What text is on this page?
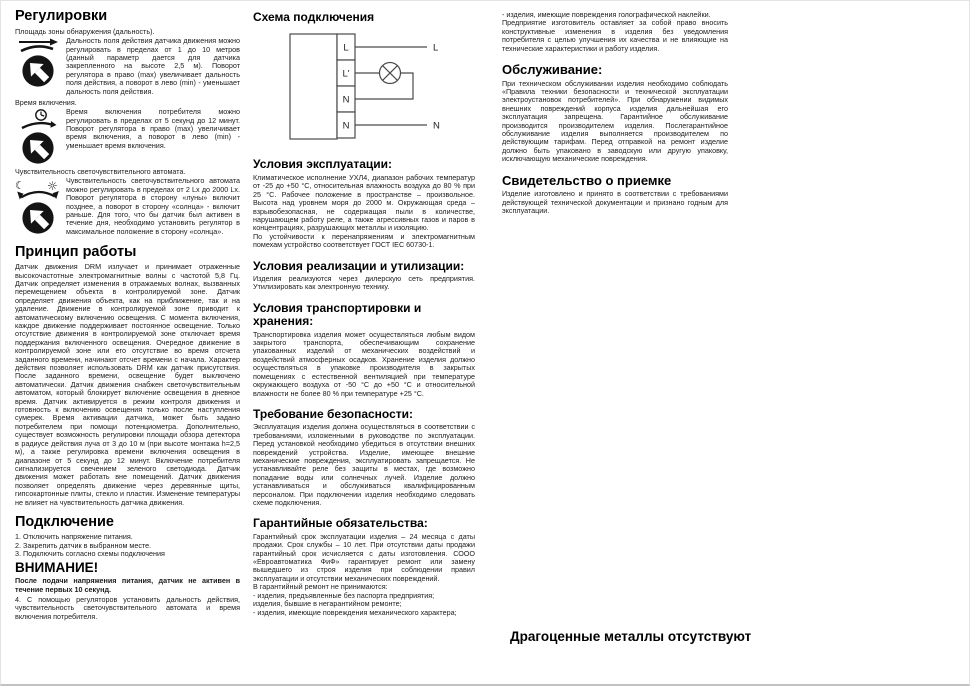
Регулировки

Площадь зоны обнаружения (дальность).

Дальность поля действия датчика движения можно регулировать в пределах от 1 до 10 метров (данный параметр дается для датчика закрепленного на высоте 2,5 м). Поворот регулятора в право (max) увеличивает дальность поля действия, а поворот в лево (min) - уменьшает дальность поля действия.

Время включения.

Время включения потребителя можно регулировать в пределах от 5 секунд до 12 минут. Поворот регулятора в право (max) увеличивает время включения, а поворот в лево (min) - уменьшает время включения.

Чувствительность светочувствительного автомата.

☾ ☼ Чувствительность светочувствительного автомата можно регулировать в пределах от 2 Lx до 2000 Lx. Поворот регулятора в сторону «луны» включит позднее, а поворот в сторону «солнца» - включит раньше. Для того, что бы датчик был активен в течение дня, необходимо установить регулятор в максимальное положение в сторону «солнца».

Принцип работы

Датчик движения DRM излучает и принимает отраженные высокочастотные электромагнитные волны с частотой 5,8 Гц. Датчик определяет изменения в отражаемых волнах, вызванных перемещением объекта в контролируемой зоне. Датчик определяет движения объекта, как на приближение, так и на удаление. Движение в контролируемой зоне приводит к автоматическому включению освещения. С момента включения, каждое движение поддерживает постоянное освещение. Только отсутствие движения в контролируемой зоне отключает время поддержания включенного освещения. Очередное движение в контролируемой зоне или его отсутствие во время отсчета заданного времени, начинают отсчет времени с начала. Характер действия позволяет использовать DRM как датчик присутствия. После заданного времени, освещение будет выключено автоматически. Датчик движения снабжен светочувствительным автоматом, который блокирует включение освещения в дневное время. Датчик активируется в режим контроля движения и готовность к включению освещения только после наступления сумерек. Время активации датчика, может быть задано потребителем при помощи потенциометра. Дополнительно, существует возможность регулировки площади обзора детектора в радиусе действия луча от 3 до 10 м (при высоте монтажа h=2,5 м), а также регулировка времени включения освещения в диапазоне от 5 секунд до 12 минут. Включение потребителя сигнализируется свечением зеленого светодиода. Датчик движения может работать вне помещений. Датчик движения позволяет определять движение через деревянные щиты, гипсокартонные плиты, стекло и пластик. Изменение температуры не влияет на чувствительность датчика движения.

Подключение

1. Отключить напряжение питания.

2. Закрепить датчик в выбранном месте.

3. Подключить согласно схемы подключения

ВНИМАНИЕ!

После подачи напряжения питания, датчик не активен в течение первых 10 секунд.

4. С помощью регуляторов установить дальность действия, чувствительность светочувствительного автомата и время включения потребителя.

Схема подключения
L
L'
N
N
L
N
Условия эксплуатации:

Климатическое исполнение УХЛ4, диапазон рабочих температур от -25 до +50 °C, относительная влажность воздуха до 80 % при 25 °C. Рабочее положение в пространстве – произвольное. Высота над уровнем моря до 2000 м. Окружающая среда – взрывобезопасная, не содержащая пыли в количестве, нарушающем работу реле, а также агрессивных газов и паров в концентрациях, разрушающих металлы и изоляцию.

По устойчивости к перенапряжениям и электромагнитным помехам устройство соответствует ГОСТ IEC 60730-1.

Условия реализации и утилизации:

Изделия реализуются через дилерскую сеть предприятия. Утилизировать как электронную технику.

Условия транспортировки и хранения:

Транспортировка изделия может осуществляться любым видом закрытого транспорта, обеспечивающим сохранение упакованных изделий от механических воздействий и воздействий атмосферных осадков. Хранение изделия должно осуществляться в упаковке производителя в закрытых помещениях с естественной вентиляцией при температуре окружающего воздуха от -50 °C до +50 °C и относительной влажности не более 80 % при температуре +25 °C.

Требование безопасности:

Эксплуатация изделия должна осуществляться в соответствии с требованиями, изложенными в руководстве по эксплуатации. Перед установкой необходимо убедиться в отсутствии внешних повреждений устройства. Изделие, имеющее внешние механические повреждения, эксплуатировать запрещается. Не устанавливайте реле без защиты в местах, где возможно попадание воды или солнечных лучей. Изделие должно устанавливаться и обслуживаться квалифицированным персоналом. При подключении изделия необходимо следовать схеме подключения.

Гарантийные обязательства:

Гарантийный срок эксплуатации изделия – 24 месяца с даты продажи. Срок службы – 10 лет. При отсутствии даты продажи гарантийный срок исчисляется с даты изготовления. СООО «Евроавтоматика ФиФ» гарантирует ремонт или замену вышедшего из строя изделия при соблюдении правил эксплуатации и отсутствии механических повреждений.

В гарантийный ремонт не принимаются:

- изделия, предъявленные без паспорта предприятия;

изделия, бывшие в негарантийном ремонте;

- изделия, имеющие повреждения механического характера;

- изделия, имеющие повреждения голографической наклейки.

Предприятие изготовитель оставляет за собой право вносить конструктивные изменения в изделия без уведомления потребителя с целью улучшения их качества и не влияющие на технические характеристики и работу изделия.

Обслуживание:

При техническом обслуживании изделия необходимо соблюдать «Правила техники безопасности и технической эксплуатации электроустановок потребителей». При обнаружении видимых внешних повреждений корпуса изделия дальнейшая его эксплуатация запрещена. Гарантийное обслуживание производится производителем изделия. Послегарантийное обслуживание изделия выполняется производителем по действующим тарифам. Перед отправкой на ремонт изделие должно быть упаковано в заводскую или другую упаковку, исключающую механические повреждения.

Свидетельство о приемке

Изделие изготовлено и принято в соответствии с требованиями действующей технической документации и признано годным для эксплуатации.

Драгоценные металлы отсутствуют
